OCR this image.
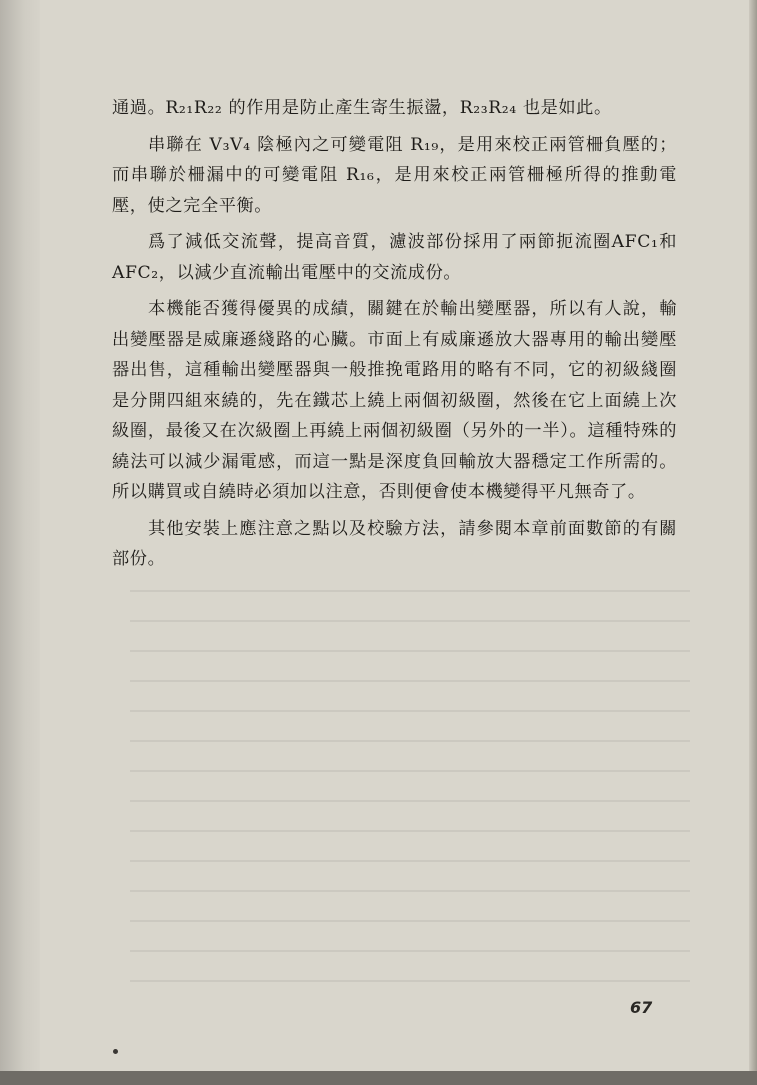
通過。R₂₁R₂₂ 的作用是防止產生寄生振盪，R₂₃R₂₄ 也是如此。

串聯在 V₃V₄ 陰極內之可變電阻 R₁₉，是用來校正兩管柵負壓的；而串聯於柵漏中的可變電阻 R₁₆，是用來校正兩管柵極所得的推動電壓，使之完全平衡。

爲了減低交流聲，提高音質，濾波部份採用了兩節扼流圈AFC₁和 AFC₂，以減少直流輸出電壓中的交流成份。

本機能否獲得優異的成績，關鍵在於輸出變壓器，所以有人說，輸出變壓器是威廉遜綫路的心臟。市面上有威廉遜放大器專用的輸出變壓器出售，這種輸出變壓器與一般推挽電路用的略有不同，它的初級綫圈是分開四組來繞的，先在鐵芯上繞上兩個初級圈，然後在它上面繞上次級圈，最後又在次級圈上再繞上兩個初級圈（另外的一半）。這種特殊的繞法可以減少漏電感，而這一點是深度負回輸放大器穩定工作所需的。所以購買或自繞時必須加以注意，否則便會使本機變得平凡無奇了。

其他安裝上應注意之點以及校驗方法，請參閱本章前面數節的有關部份。

67
